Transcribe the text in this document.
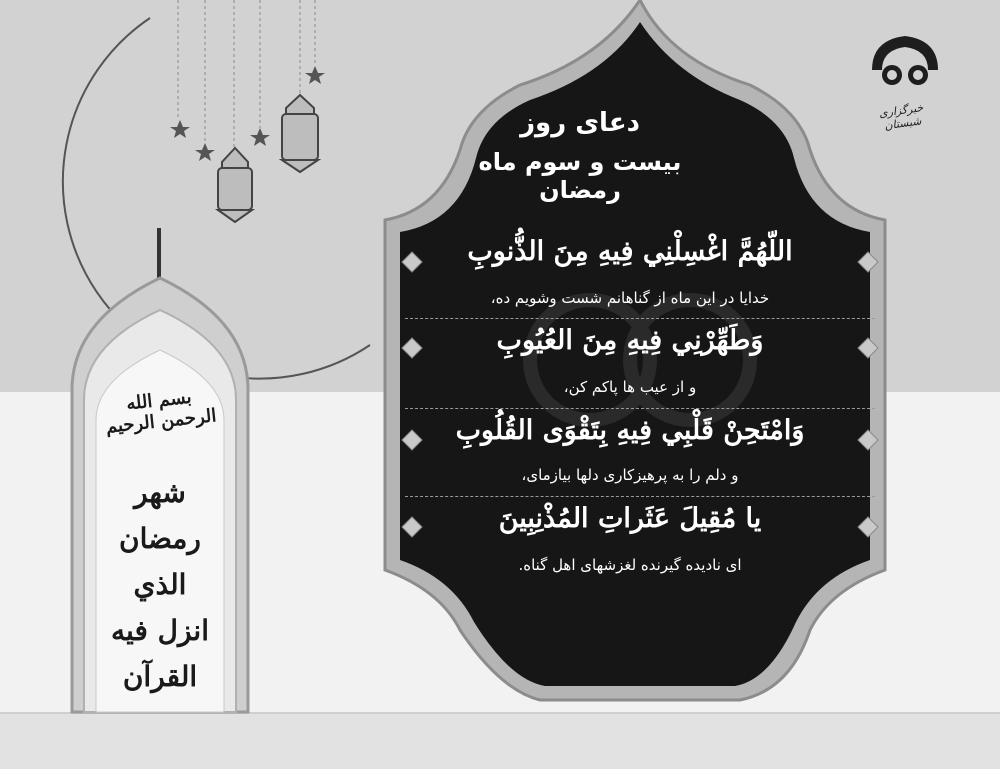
خبرگزاری شبستان
دعای روز
بیست و سوم ماه رمضان
اللّهُمَّ اغْسِلْنِي فِيهِ مِنَ الذُّنوبِ
خدایا در این ماه از گناهانم شست وشویم ده،
وَطَهِّرْنِي فِيهِ مِنَ العُيُوبِ
و از عیب ها پاکم کن،
وَامْتَحِنْ قَلْبِي فِيهِ بِتَقْوَى القُلُوبِ
و دلم را به پرهیزکاری دلها بیازمای،
يا مُقِيلَ عَثَراتِ المُذْنِبِينَ
ای نادیده گیرنده لغزشهای اهل گناه.
بسم الله الرحمن الرحیم
شهر رمضان الذي انزل فيه القرآن
